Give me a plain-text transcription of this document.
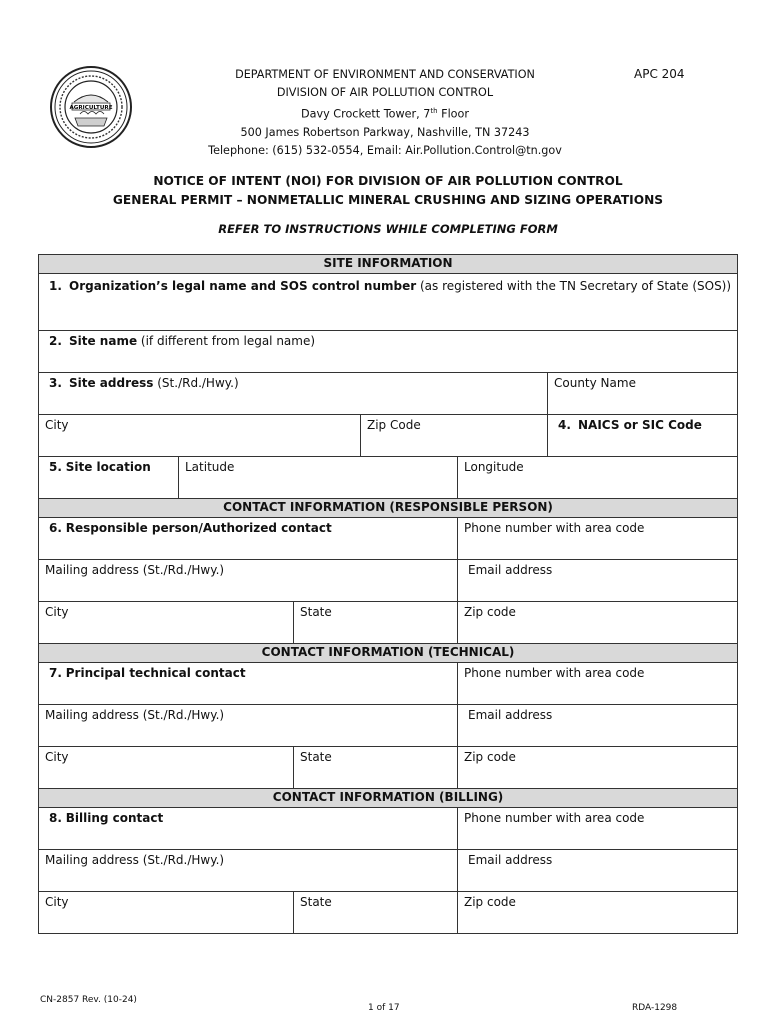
AGRICULTURE
DEPARTMENT OF ENVIRONMENT AND CONSERVATION
DIVISION OF AIR POLLUTION CONTROL
Davy Crockett Tower, 7th Floor
500 James Robertson Parkway, Nashville, TN 37243
Telephone: (615) 532-0554, Email: Air.Pollution.Control@tn.gov
APC 204
NOTICE OF INTENT (NOI) FOR DIVISION OF AIR POLLUTION CONTROL
GENERAL PERMIT – NONMETALLIC MINERAL CRUSHING AND SIZING OPERATIONS
REFER TO INSTRUCTIONS WHILE COMPLETING FORM
SITE INFORMATION					
1. Organization’s legal name and SOS control number (as registered with the TN Secretary of State (SOS))					
2. Site name (if different from legal name)					
3. Site address (St./Rd./Hwy.)					County Name
City			Zip Code		4. NAICS or SIC Code
5. Site location	Latitude			Longitude	
CONTACT INFORMATION (RESPONSIBLE PERSON)					
6. Responsible person/Authorized contact				Phone number with area code	
Mailing address (St./Rd./Hwy.)				Email address	
City		State		Zip code	
CONTACT INFORMATION (TECHNICAL)					
7. Principal technical contact				Phone number with area code	
Mailing address (St./Rd./Hwy.)				Email address	
City		State		Zip code	
CONTACT INFORMATION (BILLING)					
8. Billing contact				Phone number with area code	
Mailing address (St./Rd./Hwy.)				Email address	
City		State		Zip code	
CN-2857 Rev. (10-24)
1 of 17	RDA-1298
